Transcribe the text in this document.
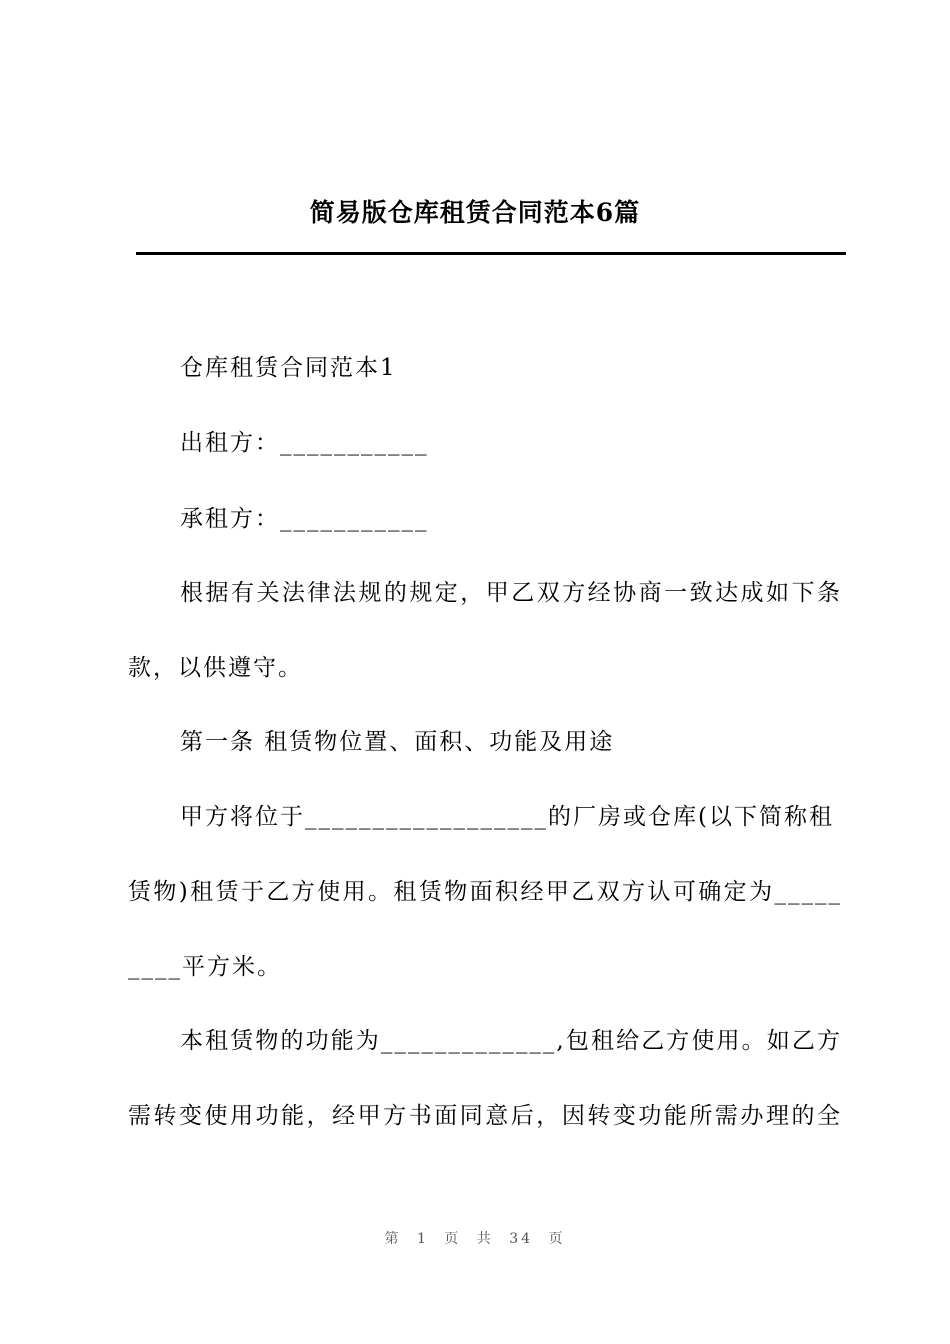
简易版仓库租赁合同范本6篇

仓库租赁合同范本1

出租方：___________

承租方：___________

根据有关法律法规的规定，甲乙双方经协商一致达成如下条

款，以供遵守。

第一条 租赁物位置、面积、功能及用途

甲方将位于__________________的厂房或仓库(以下简称租

赁物)租赁于乙方使用。租赁物面积经甲乙双方认可确定为_____

____平方米。

本租赁物的功能为_____________,包租给乙方使用。如乙方

需转变使用功能，经甲方书面同意后，因转变功能所需办理的全

第 1 页 共 34 页
